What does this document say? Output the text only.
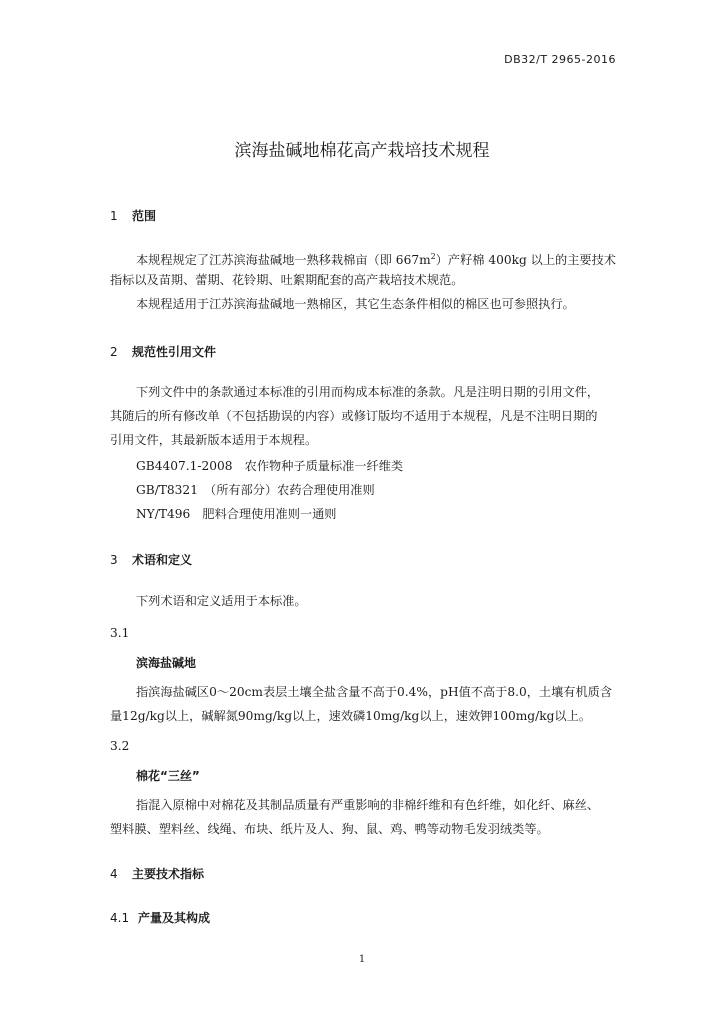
DB32/T 2965-2016
滨海盐碱地棉花高产栽培技术规程
1 范围
本规程规定了江苏滨海盐碱地一熟移栽棉亩（即 $667m^2$）产籽棉 400kg 以上的主要技术
指标以及苗期、蕾期、花铃期、吐絮期配套的高产栽培技术规范。
本规程适用于江苏滨海盐碱地一熟棉区，其它生态条件相似的棉区也可参照执行。
2 规范性引用文件
下列文件中的条款通过本标准的引用而构成本标准的条款。凡是注明日期的引用文件，
其随后的所有修改单（不包括勘误的内容）或修订版均不适用于本规程，凡是不注明日期的
引用文件，其最新版本适用于本规程。
GB4407.1-2008　农作物种子质量标准一纤维类
GB/T8321　（所有部分）农药合理使用准则
NY/T496　肥料合理使用准则一通则
3 术语和定义
下列术语和定义适用于本标准。
3.1
滨海盐碱地
指滨海盐碱区0～20cm表层土壤全盐含量不高于0.4%，pH值不高于8.0，土壤有机质含
量12g/kg以上，碱解氮90mg/kg以上，速效磷10mg/kg以上，速效钾100mg/kg以上。
3.2
棉花“三丝”
指混入原棉中对棉花及其制品质量有严重影响的非棉纤维和有色纤维，如化纤、麻丝、
塑料膜、塑料丝、线绳、布块、纸片及人、狗、鼠、鸡、鸭等动物毛发羽绒类等。
4 主要技术指标
4.1 产量及其构成
1
